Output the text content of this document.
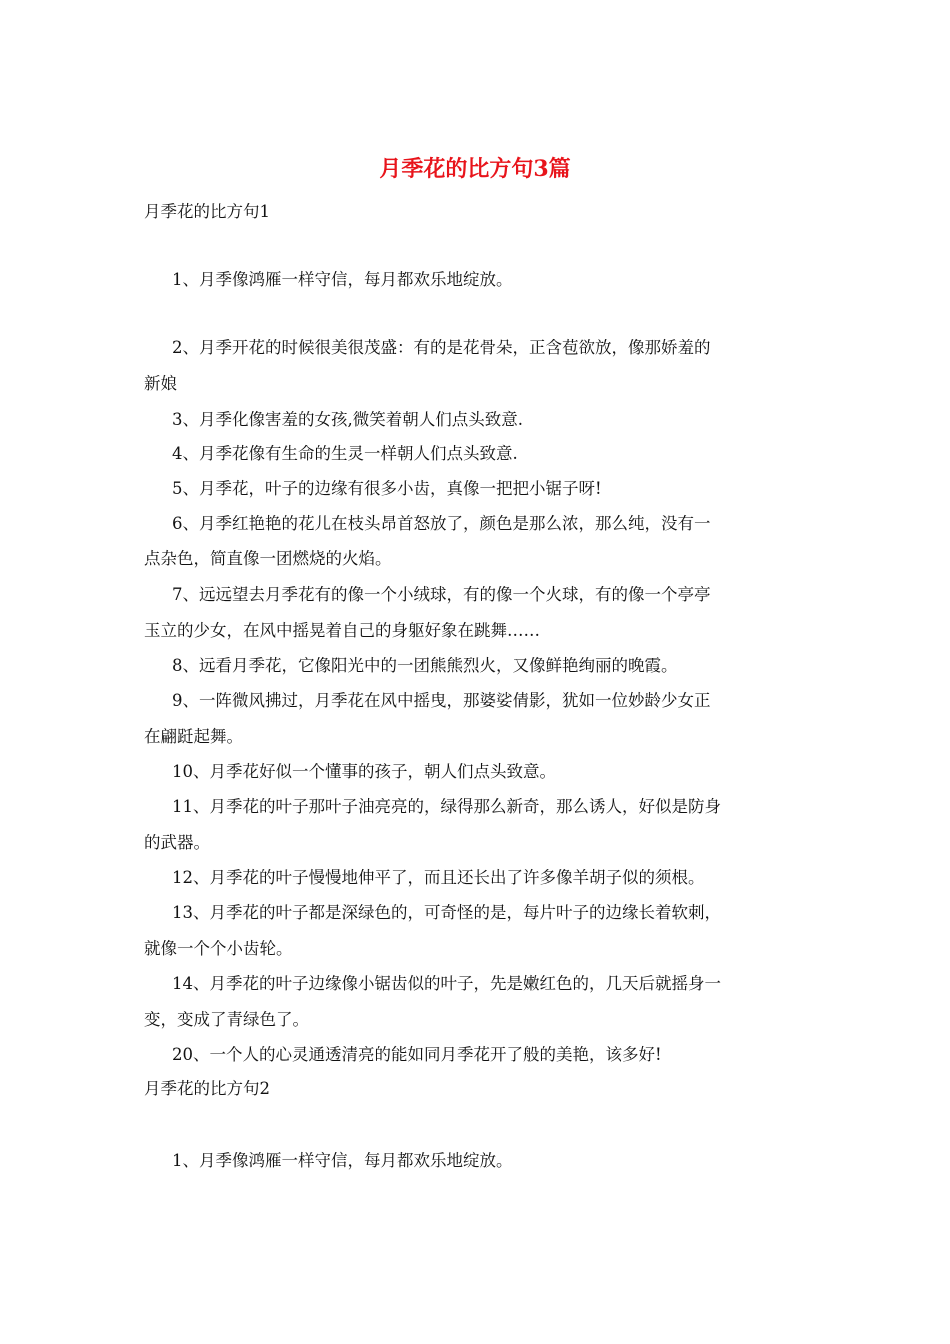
月季花的比方句3篇
月季花的比方句1
1、月季像鸿雁一样守信，每月都欢乐地绽放。
2、月季开花的时候很美很茂盛：有的是花骨朵，正含苞欲放，像那娇羞的
新娘
3、月季化像害羞的女孩,微笑着朝人们点头致意.
4、月季花像有生命的生灵一样朝人们点头致意.
5、月季花，叶子的边缘有很多小齿，真像一把把小锯子呀!
6、月季红艳艳的花儿在枝头昂首怒放了，颜色是那么浓，那么纯，没有一
点杂色，简直像一团燃烧的火焰。
7、远远望去月季花有的像一个小绒球，有的像一个火球，有的像一个亭亭
玉立的少女，在风中摇晃着自己的身躯好象在跳舞……
8、远看月季花，它像阳光中的一团熊熊烈火，又像鲜艳绚丽的晚霞。
9、一阵微风拂过，月季花在风中摇曳，那婆娑倩影，犹如一位妙龄少女正
在翩跹起舞。
10、月季花好似一个懂事的孩子，朝人们点头致意。
11、月季花的叶子那叶子油亮亮的，绿得那么新奇，那么诱人，好似是防身
的武器。
12、月季花的叶子慢慢地伸平了，而且还长出了许多像羊胡子似的须根。
13、月季花的叶子都是深绿色的，可奇怪的是，每片叶子的边缘长着软刺，
就像一个个小齿轮。
14、月季花的叶子边缘像小锯齿似的叶子，先是嫩红色的，几天后就摇身一
变，变成了青绿色了。
20、一个人的心灵通透清亮的能如同月季花开了般的美艳，该多好!
月季花的比方句2
1、月季像鸿雁一样守信，每月都欢乐地绽放。
